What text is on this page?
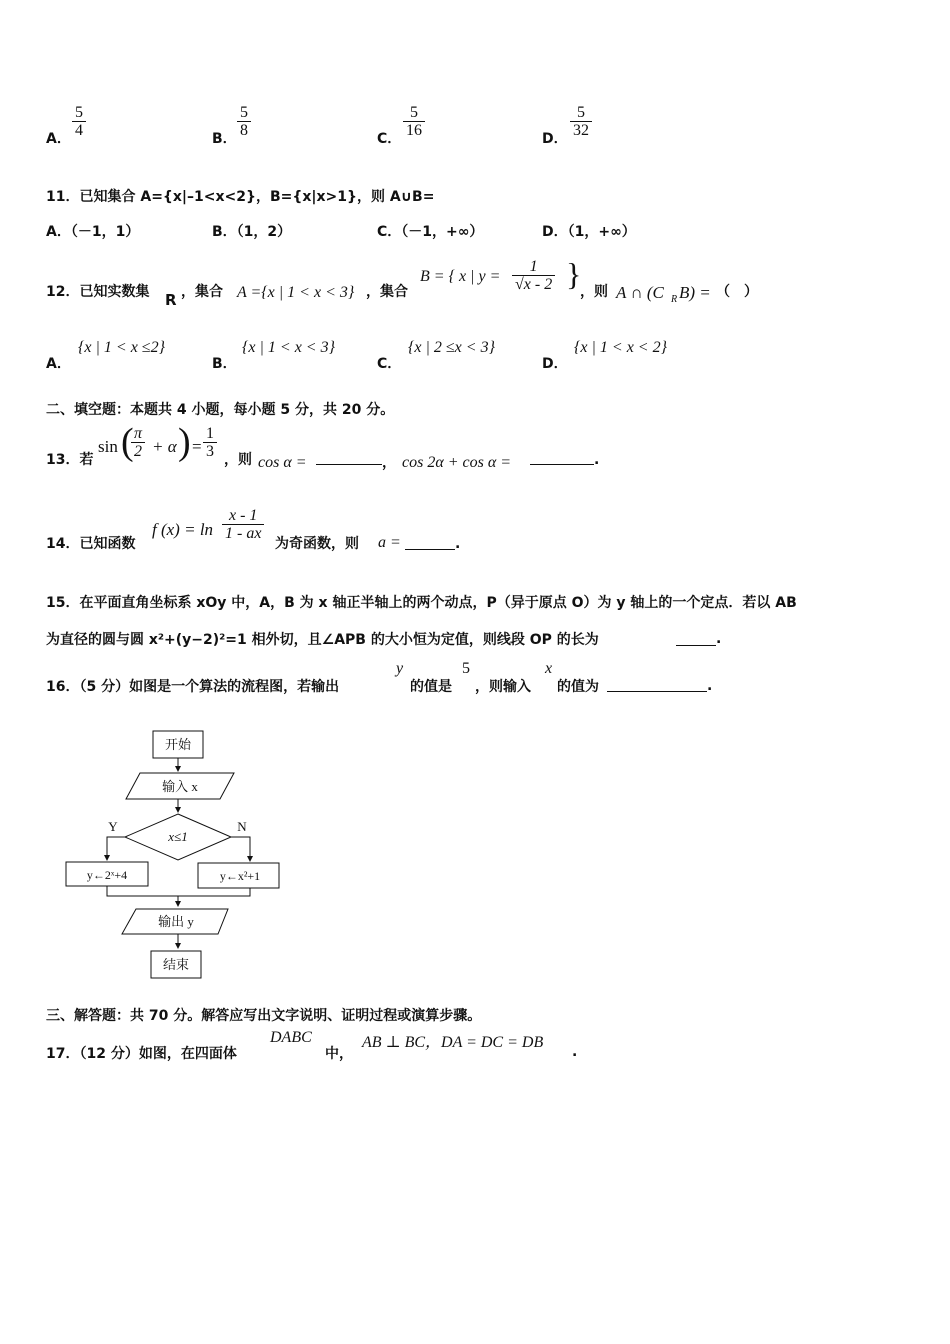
A． $\frac{5}{4}$	B． $\frac{5}{8}$	C． $\frac{5}{16}$	D． $\frac{5}{32}$
11．已知集合 A={x|–1<x<2}，B={x|x>1}，则 A∪B=
A．（－1，1）	B．（1，2）	C．（－1，+∞）	D．（1，+∞）
12．已知实数集 R ，集合 A ={x | 1 < x < 3} ，集合
B = { x | $y = \frac{1}{√x - 2}$ }
，则 A ∩ (C R B) = （　）
A．
{x | 1 < x ≤2}
B．
{x | 1 < x < 3}
C．
{x | 2 ≤x < 3}
D．
{x | 1 < x < 2}
二、填空题：本题共 4 小题，每小题 5 分，共 20 分。
13．若
sin (
$\frac{\pi}{2} + \alpha$ ) = $\frac{1}{3}$ ，则 cos α =	， cos 2α + cos α =	.
14．已知函数
f $(x) = \ln \frac{x - 1}{1 - ax}$
为奇函数，则 a =	.
15．在平面直角坐标系 xOy 中，A，B 为 x 轴正半轴上的两个动点，P（异于原点 O）为 y 轴上的一个定点．若以 AB
为直径的圆与圆 x²+(y−2)²=1 相外切，且∠APB 的大小恒为定值，则线段 OP 的长为	.
16．（5 分）如图是一个算法的流程图，若输出
y
的值是
5
，则输入
x
的值为	.
开始
输入 x
x≤1
Y	N
y←2ˣ+4	y←x²+1
输出 y
结束
三、解答题：共 70 分。解答应写出文字说明、证明过程或演算步骤。
17．（12 分）如图，在四面体
DABC
中，
AB ⊥ BC，DA = DC = DB
.
